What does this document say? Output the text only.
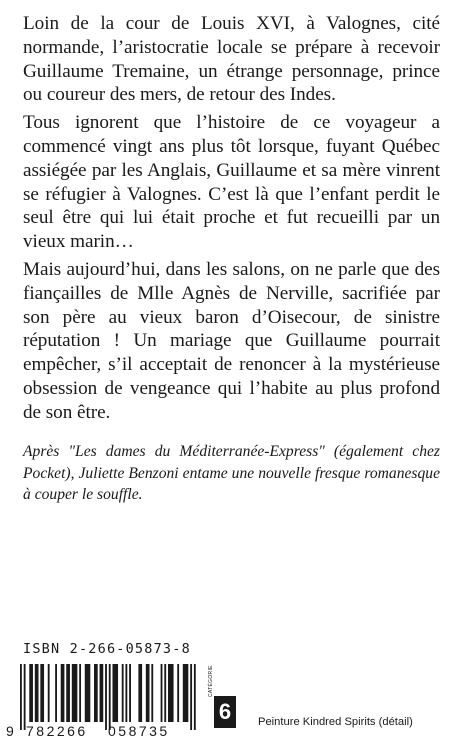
Loin de la cour de Louis XVI, à Valognes, cité normande, l’aristocratie locale se prépare à recevoir Guillaume Tremaine, un étrange personnage, prince ou coureur des mers, de retour des Indes.

Tous ignorent que l’histoire de ce voyageur a commencé vingt ans plus tôt lorsque, fuyant Québec assiégée par les Anglais, Guillaume et sa mère vinrent se réfugier à Valognes. C’est là que l’enfant perdit le seul être qui lui était proche et fut recueilli par un vieux marin…

Mais aujourd’hui, dans les salons, on ne parle que des fiançailles de Mlle Agnès de Nerville, sacrifiée par son père au vieux baron d’Oisecour, de sinistre réputation ! Un mariage que Guillaume pourrait empêcher, s’il acceptait de renoncer à la mystérieuse obsession de vengeance qui l’habite au plus profond de son être.

Après "Les dames du Méditerranée-Express" (également chez Pocket), Juliette Benzoni entame une nouvelle fresque romanesque à couper le souffle.
ISBN 2-266-05873-8
9 782266 058735
CATÉGORIE
6	Peinture Kindred Spirits (détail)
